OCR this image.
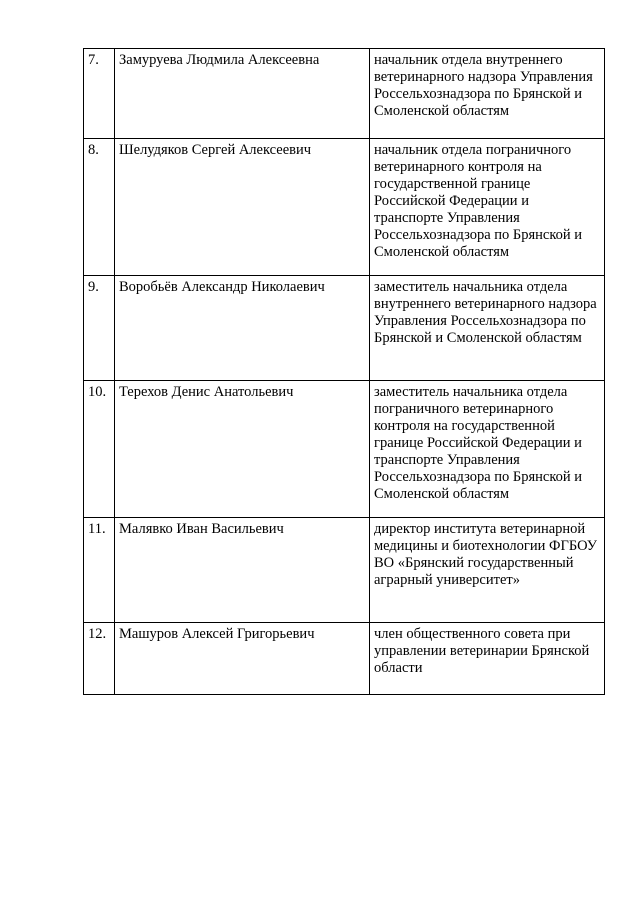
7.	Замуруева Людмила Алексеевна	начальник отдела внутреннего ветеринарного надзора Управления Россельхознадзора по Брянской и Смоленской областям
8.	Шелудяков Сергей Алексеевич	начальник отдела пограничного ветеринарного контроля на государственной границе Российской Федерации и транспорте Управления Россельхознадзора по Брянской и Смоленской областям
9.	Воробьёв Александр Николаевич	заместитель начальника отдела внутреннего ветеринарного надзора Управления Россельхознадзора по Брянской и Смоленской областям
10.	Терехов Денис Анатольевич	заместитель начальника отдела пограничного ветеринарного контроля на государственной границе Российской Федерации и транспорте Управления Россельхознадзора по Брянской и Смоленской областям
11.	Малявко Иван Васильевич	директор института ветеринарной медицины и биотехнологии ФГБОУ ВО «Брянский государственный аграрный университет»
12.	Машуров Алексей Григорьевич	член общественного совета при управлении ветеринарии Брянской области
